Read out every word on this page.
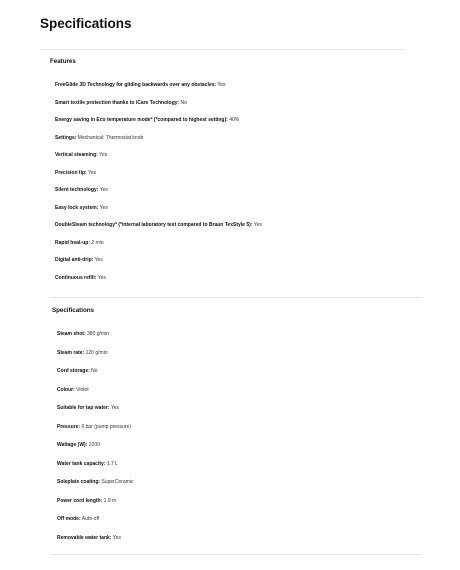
Specifications
Features
FreeGlide 3D Technology for gliding backwards over any obstacles: Yes
Smart textile protection thanks to iCare Technology: No
Energy saving in Eco temperature mode* (*compared to highest setting): 40%
Settings: Mechanical: Thermostat knob
Vertical steaming: Yes
Precision tip: Yes
Silent technology: Yes
Easy lock system: Yes
DoubleSteam technology* (*internal laboratory test compared to Braun TexStyle 5): Yes
Rapid heat-up: 2 min
Digital anti-drip: Yes
Continuous refill: Yes
Specifications
Steam shot: 380 g/min
Steam rate: 120 g/min
Cord storage: No
Colour: Violet
Suitable for tap water: Yes
Pressure: 6 bar (pump pressure)
Wattage (W): 2200
Water tank capacity: 1.7 L
Soleplate coating: SuperCeramic
Power cord length: 1.9 m
Off mode: Auto-off
Removable water tank: Yes
